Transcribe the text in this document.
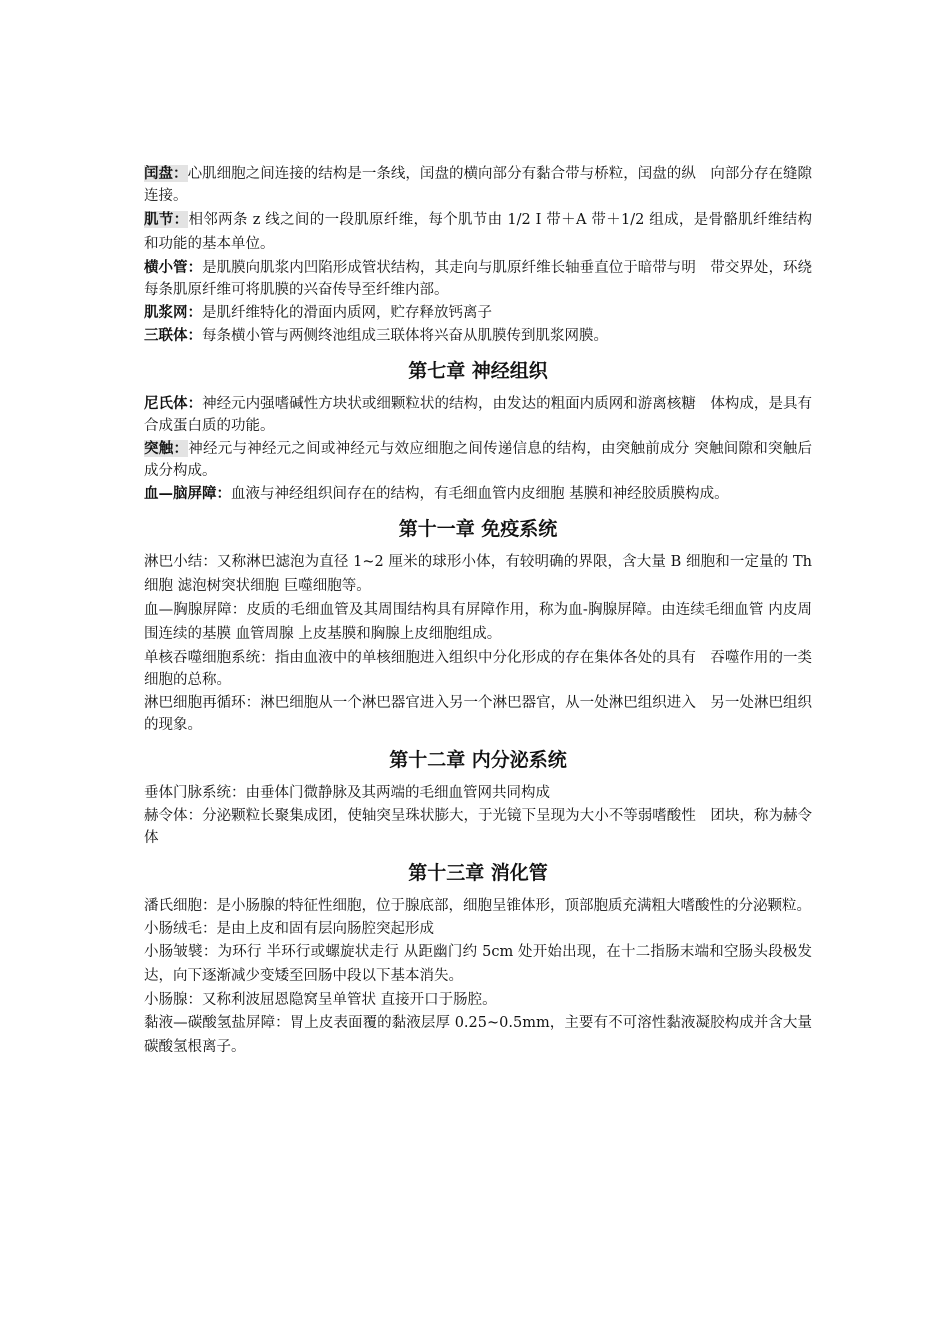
闰盘：心肌细胞之间连接的结构是一条线，闰盘的横向部分有黏合带与桥粒，闰盘的纵　向部分存在缝隙连接。

肌节：相邻两条 z 线之间的一段肌原纤维，每个肌节由 1/2 I 带＋A 带＋1/2 组成，是骨骼肌纤维结构和功能的基本单位。

横小管：是肌膜向肌浆内凹陷形成管状结构，其走向与肌原纤维长轴垂直位于暗带与明　带交界处，环绕每条肌原纤维可将肌膜的兴奋传导至纤维内部。

肌浆网：是肌纤维特化的滑面内质网，贮存释放钙离子

三联体：每条横小管与两侧终池组成三联体将兴奋从肌膜传到肌浆网膜。

第七章 神经组织

尼氏体：神经元内强嗜碱性方块状或细颗粒状的结构，由发达的粗面内质网和游离核糖　体构成，是具有合成蛋白质的功能。

突触：神经元与神经元之间或神经元与效应细胞之间传递信息的结构，由突触前成分 突触间隙和突触后成分构成。

血—脑屏障：血液与神经组织间存在的结构，有毛细血管内皮细胞 基膜和神经胶质膜构成。

第十一章 免疫系统

淋巴小结：又称淋巴滤泡为直径 1~2 厘米的球形小体，有较明确的界限，含大量 B 细胞和一定量的 Th 细胞 滤泡树突状细胞 巨噬细胞等。

血—胸腺屏障：皮质的毛细血管及其周围结构具有屏障作用，称为血-胸腺屏障。由连续毛细血管 内皮周围连续的基膜 血管周腺 上皮基膜和胸腺上皮细胞组成。

单核吞噬细胞系统：指由血液中的单核细胞进入组织中分化形成的存在集体各处的具有　吞噬作用的一类细胞的总称。

淋巴细胞再循环：淋巴细胞从一个淋巴器官进入另一个淋巴器官，从一处淋巴组织进入　另一处淋巴组织的现象。

第十二章 内分泌系统

垂体门脉系统：由垂体门微静脉及其两端的毛细血管网共同构成

赫令体：分泌颗粒长聚集成团，使轴突呈珠状膨大，于光镜下呈现为大小不等弱嗜酸性　团块，称为赫令体

第十三章 消化管

潘氏细胞：是小肠腺的特征性细胞，位于腺底部，细胞呈锥体形，顶部胞质充满粗大嗜酸性的分泌颗粒。

小肠绒毛：是由上皮和固有层向肠腔突起形成

小肠皱襞：为环行 半环行或螺旋状走行 从距幽门约 5cm 处开始出现，在十二指肠末端和空肠头段极发达，向下逐渐减少变矮至回肠中段以下基本消失。

小肠腺：又称利波屈恩隐窝呈单管状 直接开口于肠腔。

黏液—碳酸氢盐屏障：胃上皮表面覆的黏液层厚 0.25~0.5mm，主要有不可溶性黏液凝胶构成并含大量碳酸氢根离子。
